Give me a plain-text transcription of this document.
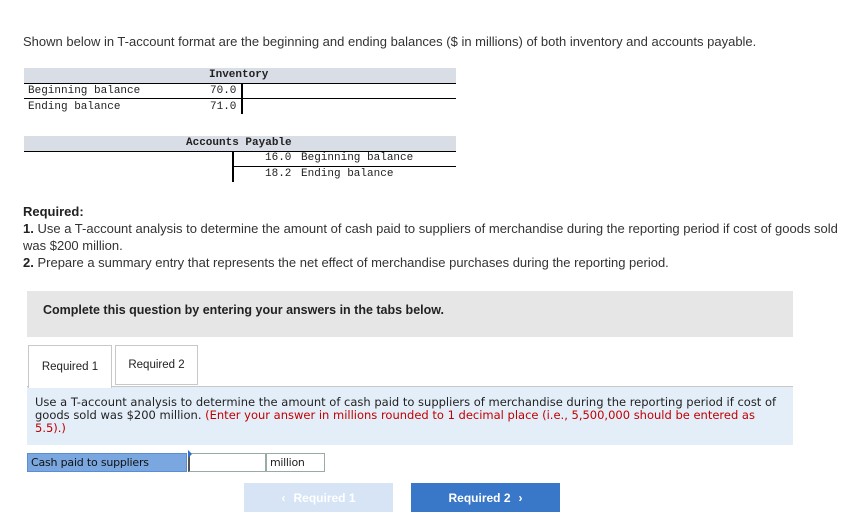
Shown below in T-account format are the beginning and ending balances ($ in millions) of both inventory and accounts payable.
Inventory
Beginning balance	70.0
Ending balance	71.0
Accounts Payable
16.0 Beginning balance
18.2 Ending balance
Required:
1. Use a T-account analysis to determine the amount of cash paid to suppliers of merchandise during the reporting period if cost of goods sold was $200 million.
2. Prepare a summary entry that represents the net effect of merchandise purchases during the reporting period.
Complete this question by entering your answers in the tabs below.
Required 1	Required 2

Use a T-account analysis to determine the amount of cash paid to suppliers of merchandise during the reporting period if cost of goods sold was $200 million. (Enter your answer in millions rounded to 1 decimal place (i.e., 5,500,000 should be entered as 5.5).)

Cash paid to suppliers	million
‹ Required 1	Required 2 ›
